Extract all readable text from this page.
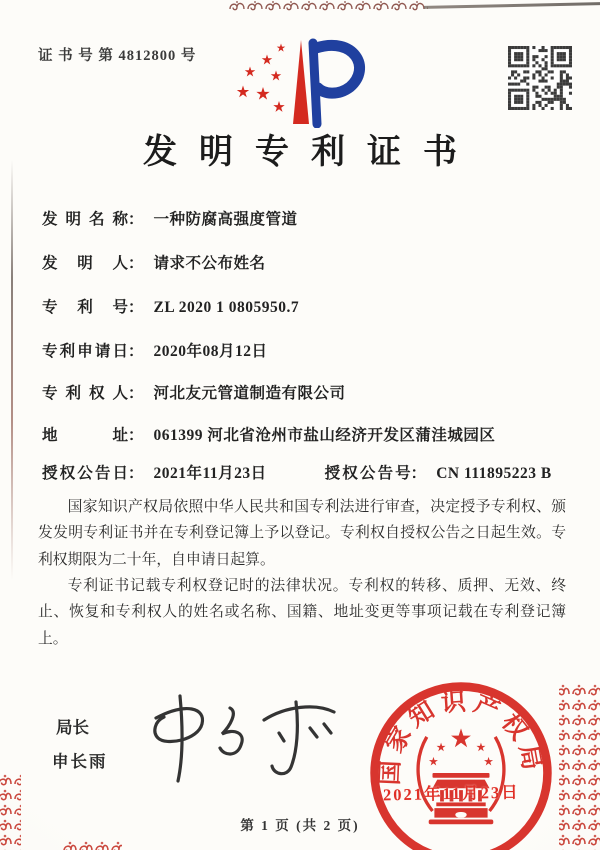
证 书 号 第 4812800 号
发明专利证书
发明名称： 一种防腐高强度管道
发明人： 请求不公布姓名
专利号： ZL 2020 1 0805950.7
专利申请日： 2020年08月12日
专利权人： 河北友元管道制造有限公司
地址： 061399 河北省沧州市盐山经济开发区蒲洼城园区
授权公告日： 2021年11月23日	授权公告号： CN 111895223 B

国家知识产权局依照中华人民共和国专利法进行审查，决定授予专利权、颁发发明专利证书并在专利登记簿上予以登记。专利权自授权公告之日起生效。专利权期限为二十年，自申请日起算。

专利证书记载专利权登记时的法律状况。专利权的转移、质押、无效、终止、恢复和专利权人的姓名或名称、国籍、地址变更等事项记载在专利登记簿上。

局长
申长雨	国家知识产权局
2021年11月23日
第 1 页 (共 2 页)
